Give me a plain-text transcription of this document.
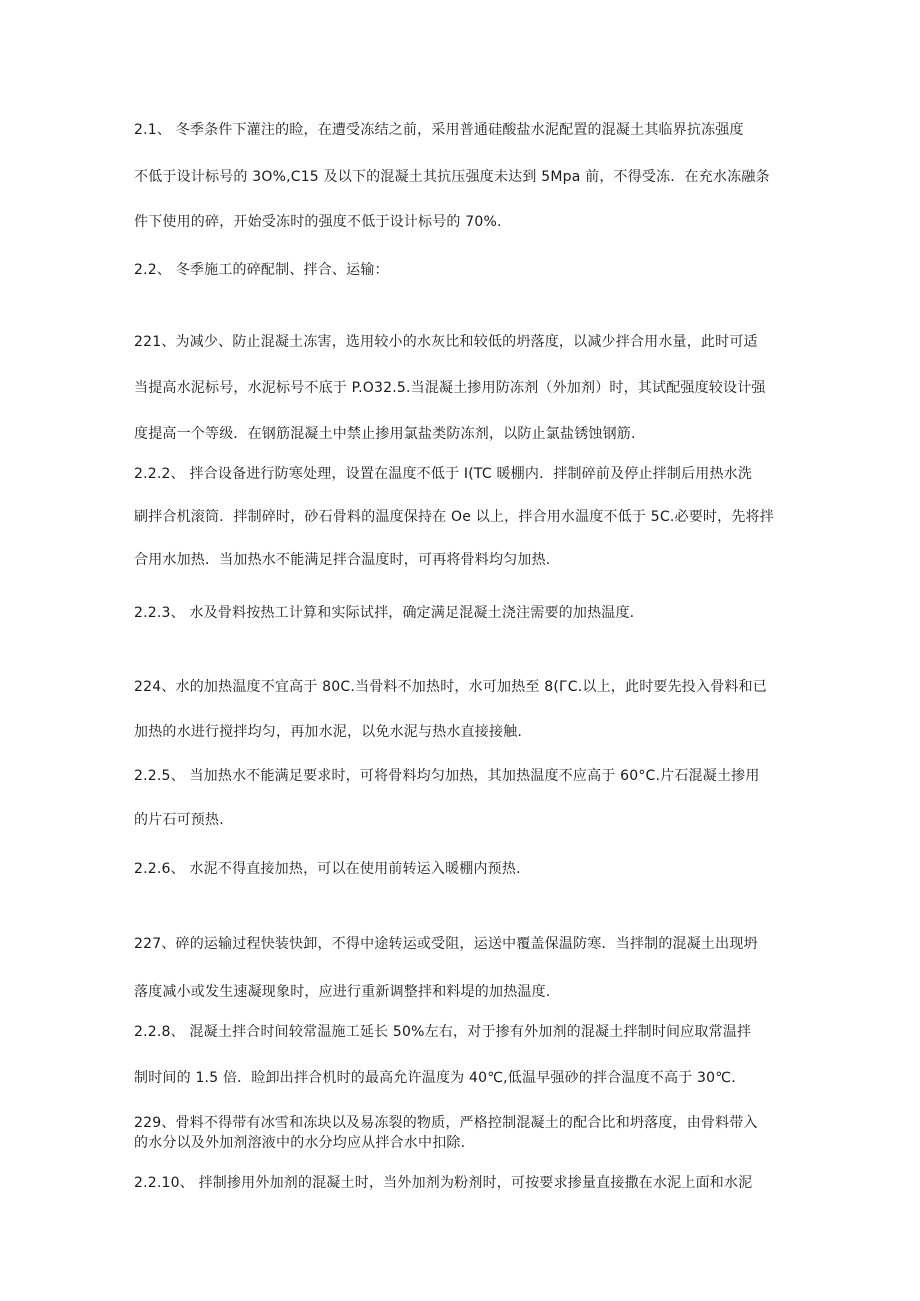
2.1、 冬季条件下灌注的睑，在遭受冻结之前，采用普通硅酸盐水泥配置的混凝土其临界抗冻强度
不低于设计标号的 3O%,C15 及以下的混凝土其抗压强度未达到 5Mpa 前，不得受冻．在充水冻融条
件下使用的碎，开始受冻时的强度不低于设计标号的 70%.
2.2、 冬季施工的碎配制、拌合、运输：
221、为减少、防止混凝土冻害，选用较小的水灰比和较低的坍落度，以减少拌合用水量，此时可适
当提高水泥标号，水泥标号不底于 P.O32.5.当混凝土掺用防冻剂（外加剂）时，其试配强度较设计强
度提高一个等级．在钢筋混凝土中禁止掺用氯盐类防冻剂，以防止氯盐锈蚀钢筋.
2.2.2、 拌合设备进行防寒处理，设置在温度不低于 I(TC 暖棚内．拌制碎前及停止拌制后用热水洗
刷拌合机滚筒．拌制碎时，砂石骨料的温度保持在 Oe 以上，拌合用水温度不低于 5C.必要时，先将拌
合用水加热．当加热水不能满足拌合温度时，可再将骨料均匀加热.
2.2.3、 水及骨料按热工计算和实际试拌，确定满足混凝土浇注需要的加热温度.
224、水的加热温度不宜高于 80C.当骨料不加热时，水可加热至 8(ГC.以上，此时要先投入骨料和已
加热的水进行搅拌均匀，再加水泥，以免水泥与热水直接接触.
2.2.5、 当加热水不能满足要求时，可将骨料均匀加热，其加热温度不应高于 60°C.片石混凝土掺用
的片石可预热.
2.2.6、 水泥不得直接加热，可以在使用前转运入暖棚内预热.
227、碎的运输过程快装快卸，不得中途转运或受阻，运送中覆盖保温防寒．当拌制的混凝土出现坍
落度减小或发生速凝现象时，应进行重新调整拌和料堤的加热温度.
2.2.8、 混凝土拌合时间较常温施工延长 50%左右，对于掺有外加剂的混凝土拌制时间应取常温拌
制时间的 1.5 倍．睑卸出拌合机时的最高允许温度为 40℃,低温早强砂的拌合温度不高于 30℃.
229、骨料不得带有冰雪和冻块以及易冻裂的物质，严格控制混凝土的配合比和坍落度，由骨料带入
的水分以及外加剂溶液中的水分均应从拌合水中扣除.
2.2.10、 拌制掺用外加剂的混凝土时，当外加剂为粉剂时，可按要求掺量直接撒在水泥上面和水泥
